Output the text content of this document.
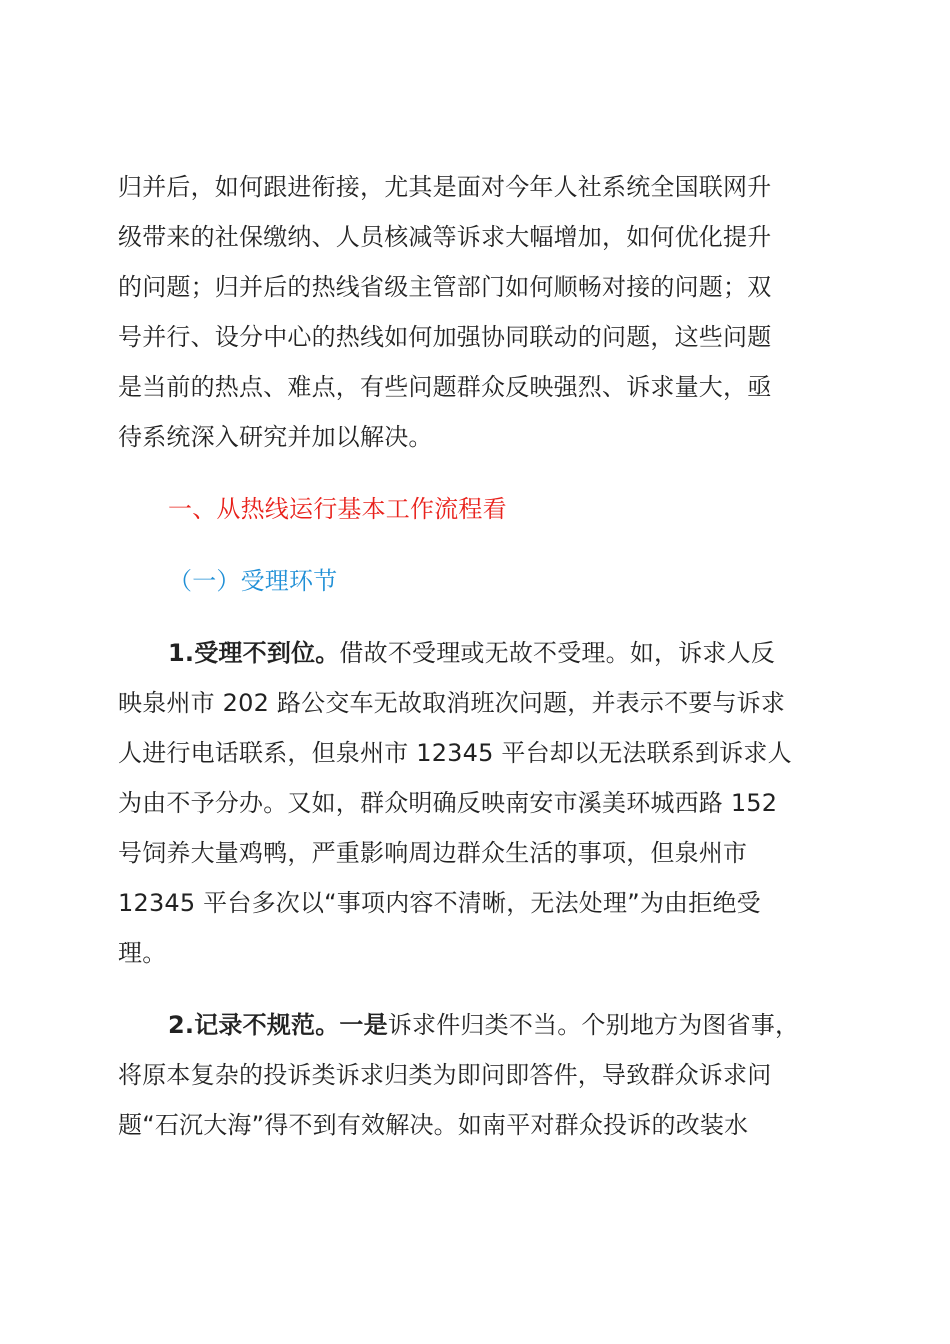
归并后，如何跟进衔接，尤其是面对今年人社系统全国联网升
级带来的社保缴纳、人员核减等诉求大幅增加，如何优化提升
的问题；归并后的热线省级主管部门如何顺畅对接的问题；双
号并行、设分中心的热线如何加强协同联动的问题，这些问题
是当前的热点、难点，有些问题群众反映强烈、诉求量大，亟
待系统深入研究并加以解决。
一、从热线运行基本工作流程看
（一）受理环节
1.受理不到位。借故不受理或无故不受理。如，诉求人反
映泉州市 202 路公交车无故取消班次问题，并表示不要与诉求
人进行电话联系，但泉州市 12345 平台却以无法联系到诉求人
为由不予分办。又如，群众明确反映南安市溪美环城西路 152
号饲养大量鸡鸭，严重影响周边群众生活的事项，但泉州市
12345 平台多次以“事项内容不清晰，无法处理”为由拒绝受
理。
2.记录不规范。一是诉求件归类不当。个别地方为图省事，
将原本复杂的投诉类诉求归类为即问即答件，导致群众诉求问
题“石沉大海”得不到有效解决。如南平对群众投诉的改装水
